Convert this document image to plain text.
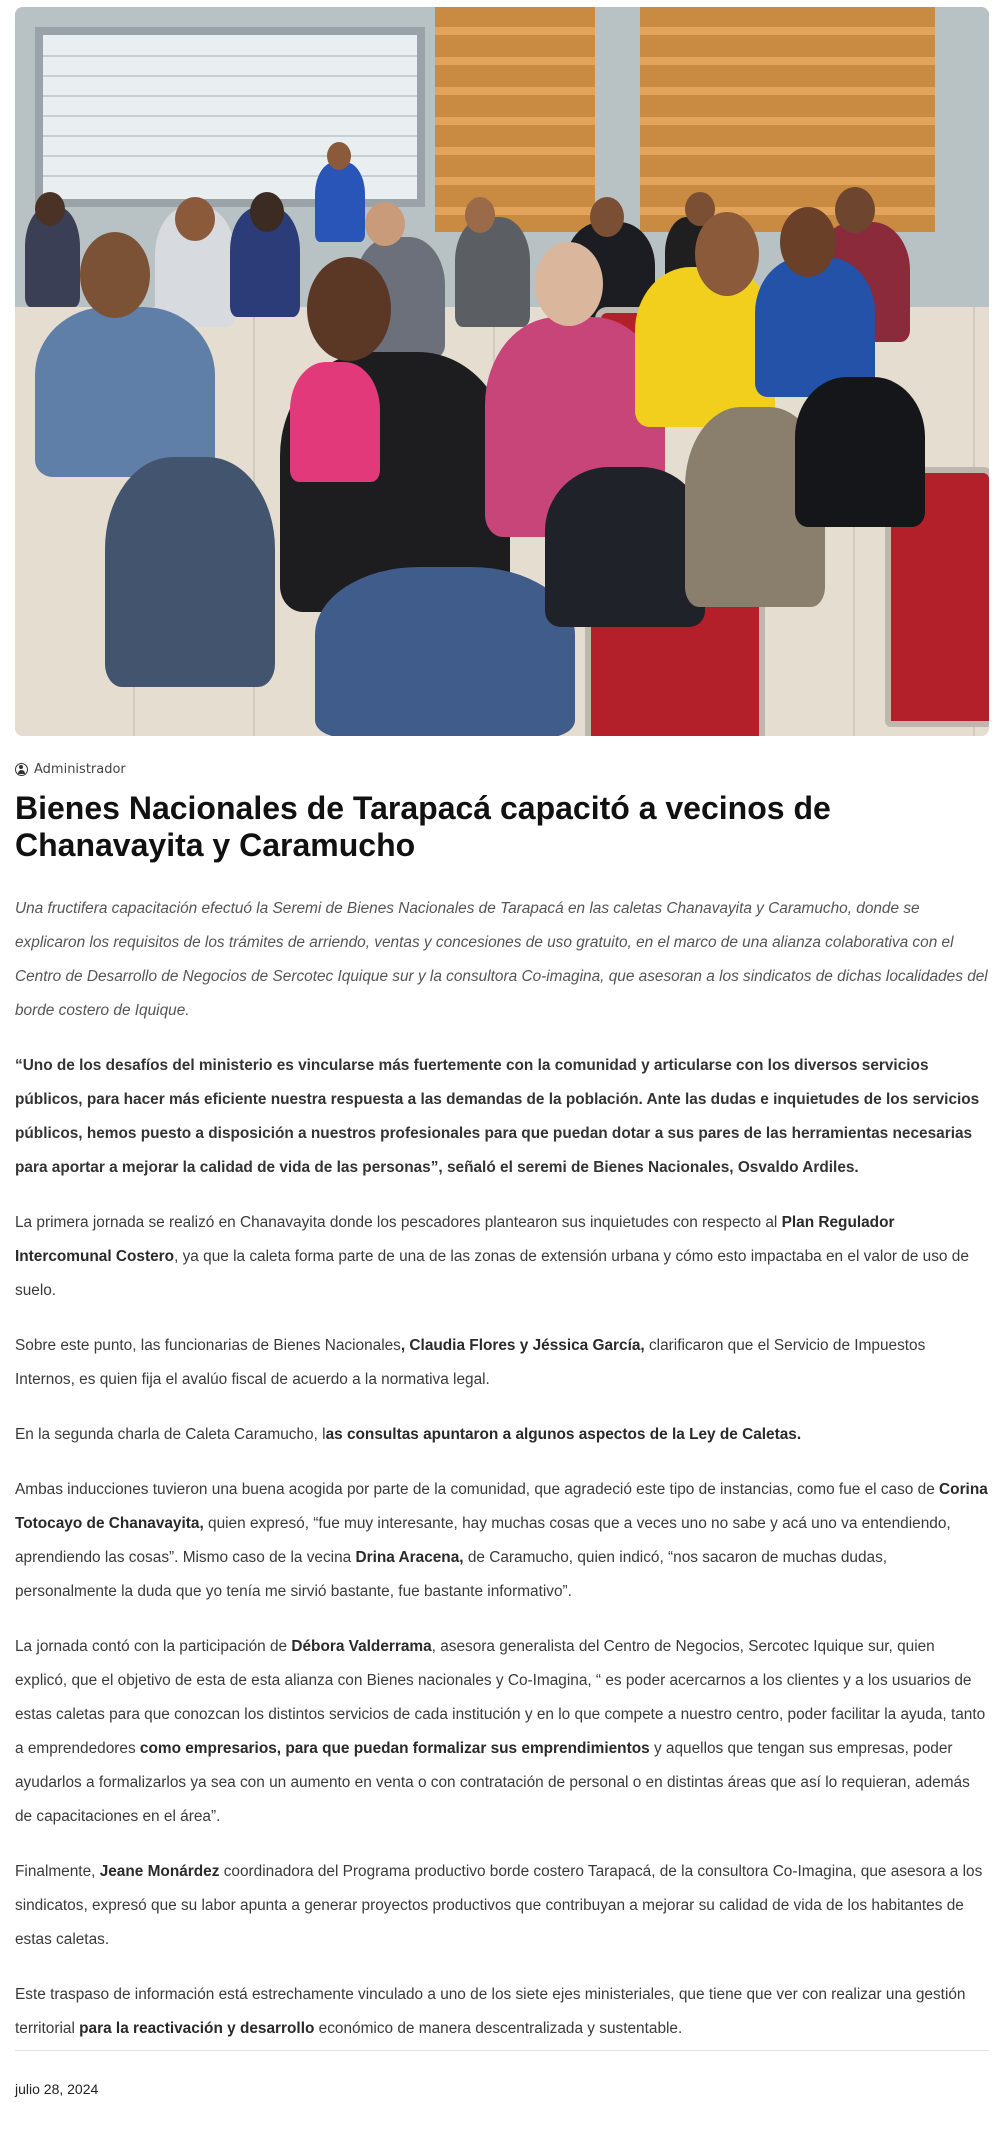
Administrador
Bienes Nacionales de Tarapacá capacitó a vecinos de Chanavayita y Caramucho

Una fructifera capacitación efectuó la Seremi de Bienes Nacionales de Tarapacá en las caletas Chanavayita y Caramucho, donde se explicaron los requisitos de los trámites de arriendo, ventas y concesiones de uso gratuito, en el marco de una alianza colaborativa con el Centro de Desarrollo de Negocios de Sercotec Iquique sur y la consultora Co-imagina, que asesoran a los sindicatos de dichas localidades del borde costero de Iquique.

“Uno de los desafíos del ministerio es vincularse más fuertemente con la comunidad y articularse con los diversos servicios públicos, para hacer más eficiente nuestra respuesta a las demandas de la población. Ante las dudas e inquietudes de los servicios públicos, hemos puesto a disposición a nuestros profesionales para que puedan dotar a sus pares de las herramientas necesarias para aportar a mejorar la calidad de vida de las personas”, señaló el seremi de Bienes Nacionales, Osvaldo Ardiles.

La primera jornada se realizó en Chanavayita donde los pescadores plantearon sus inquietudes con respecto al Plan Regulador Intercomunal Costero, ya que la caleta forma parte de una de las zonas de extensión urbana y cómo esto impactaba en el valor de uso de suelo.

Sobre este punto, las funcionarias de Bienes Nacionales, Claudia Flores y Jéssica García, clarificaron que el Servicio de Impuestos Internos, es quien fija el avalúo fiscal de acuerdo a la normativa legal.

En la segunda charla de Caleta Caramucho, las consultas apuntaron a algunos aspectos de la Ley de Caletas.

Ambas inducciones tuvieron una buena acogida por parte de la comunidad, que agradeció este tipo de instancias, como fue el caso de Corina Totocayo de Chanavayita, quien expresó, “fue muy interesante, hay muchas cosas que a veces uno no sabe y acá uno va entendiendo, aprendiendo las cosas”. Mismo caso de la vecina Drina Aracena, de Caramucho, quien indicó, “nos sacaron de muchas dudas, personalmente la duda que yo tenía me sirvió bastante, fue bastante informativo”.

La jornada contó con la participación de Débora Valderrama, asesora generalista del Centro de Negocios, Sercotec Iquique sur, quien explicó, que el objetivo de esta de esta alianza con Bienes nacionales y Co-Imagina, “ es poder acercarnos a los clientes y a los usuarios de estas caletas para que conozcan los distintos servicios de cada institución y en lo que compete a nuestro centro, poder facilitar la ayuda, tanto a emprendedores como empresarios, para que puedan formalizar sus emprendimientos y aquellos que tengan sus empresas, poder ayudarlos a formalizarlos ya sea con un aumento en venta o con contratación de personal o en distintas áreas que así lo requieran, además de capacitaciones en el área”.

Finalmente, Jeane Monárdez coordinadora del Programa productivo borde costero Tarapacá, de la consultora Co-Imagina, que asesora a los sindicatos, expresó que su labor apunta a generar proyectos productivos que contribuyan a mejorar su calidad de vida de los habitantes de estas caletas.

Este traspaso de información está estrechamente vinculado a uno de los siete ejes ministeriales, que tiene que ver con realizar una gestión territorial para la reactivación y desarrollo económico de manera descentralizada y sustentable.

julio 28, 2024
